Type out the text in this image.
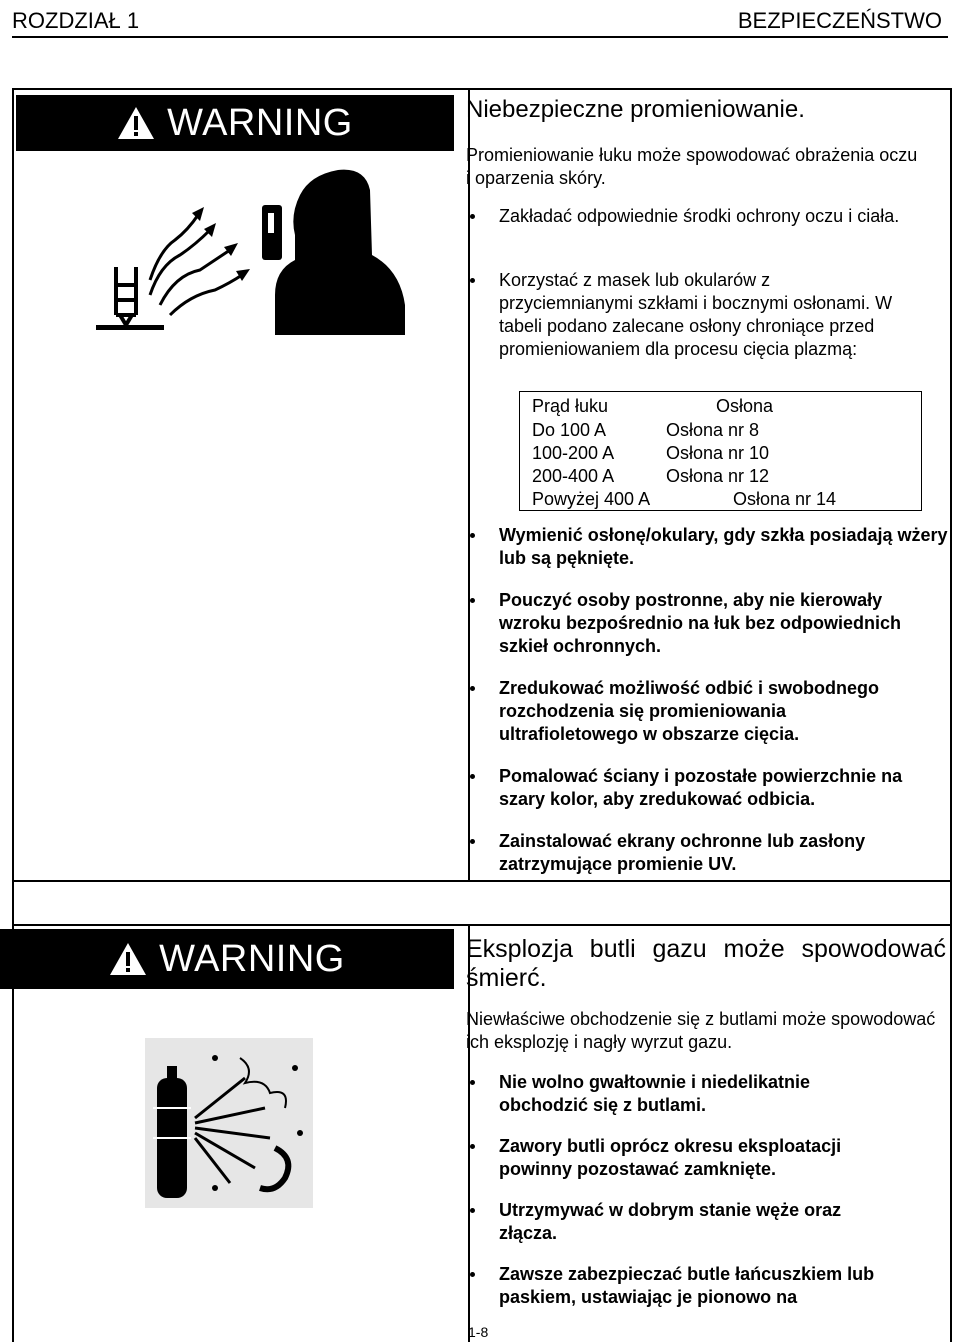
ROZDZIAŁ 1	BEZPIECZEŃSTWO
WARNING	Niebezpieczne promieniowanie.

Promieniowanie łuku może spowodować obrażenia oczu i oparzenia skóry.

Zakładać odpowiednie środki ochrony oczu i ciała.
Korzystać z masek lub okularów z przyciemnianymi szkłami i bocznymi osłonami. W tabeli podano zalecane osłony chroniące przed promieniowaniem dla procesu cięcia plazmą:
Prąd łuku	Osłona
Do 100 A	Osłona nr 8
100-200 A	Osłona nr 10
200-400 A	Osłona nr 12
Powyżej 400 A	Osłona nr 14
Wymienić osłonę/okulary, gdy szkła posiadają wżery lub są pęknięte.
Pouczyć osoby postronne, aby nie kierowały wzroku bezpośrednio na łuk bez odpowiednich szkieł ochronnych.
Zredukować możliwość odbić i swobodnego rozchodzenia się promieniowania ultrafioletowego w obszarze cięcia.
Pomalować ściany i pozostałe powierzchnie na szary kolor, aby zredukować odbicia.
Zainstalować ekrany ochronne lub zasłony zatrzymujące promienie UV.
WARNING	Eksplozja butli gazu może spowodować śmierć.

Niewłaściwe obchodzenie się z butlami może spowodować ich eksplozję i nagły wyrzut gazu.

Nie wolno gwałtownie i niedelikatnie obchodzić się z butlami.
Zawory butli oprócz okresu eksploatacji powinny pozostawać zamknięte.
Utrzymywać w dobrym stanie węże oraz złącza.
Zawsze zabezpieczać butle łańcuszkiem lub paskiem, ustawiając je pionowo na
1-8
